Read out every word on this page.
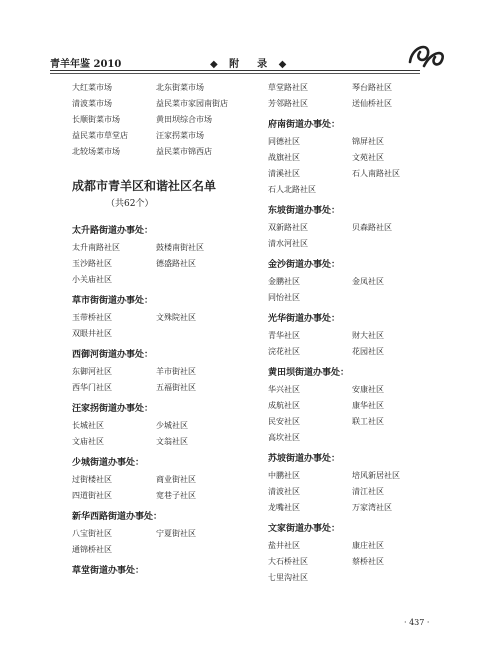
青羊年鉴 2010	◆ 附　录 ◆
大红菜市场	北东街菜市场
清波菜市场	益民菜市家园南街店
长顺街菜市场	黄田坝综合市场
益民菜市草堂店	汪家拐菜市场
北较场菜市场	益民菜市锦西店
成都市青羊区和谐社区名单
（共62个）
太升路街道办事处：
太升南路社区	鼓楼南街社区
玉沙路社区	德盛路社区
小关庙社区
草市街街道办事处：
玉带桥社区	文殊院社区
双眼井社区
西御河街道办事处：
东御河社区	羊市街社区
西华门社区	五福街社区
汪家拐街道办事处：
长城社区	少城社区
文庙社区	文翁社区
少城街道办事处：
过街楼社区	商业街社区
四道街社区	宽巷子社区
新华西路街道办事处：
八宝街社区	宁夏街社区
通锦桥社区
草堂街道办事处：
草堂路社区	琴台路社区
芳邻路社区	送仙桥社区
府南街道办事处：
同德社区	锦屏社区
战旗社区	文苑社区
清溪社区	石人南路社区
石人北路社区
东坡街道办事处：
双新路社区	贝森路社区
清水河社区
金沙街道办事处：
金鹏社区	金凤社区
同怡社区
光华街道办事处：
青华社区	财大社区
浣花社区	花园社区
黄田坝街道办事处：
华兴社区	安康社区
成航社区	康华社区
民安社区	联工社区
高坎社区
苏坡街道办事处：
中鹏社区	培风新居社区
清波社区	清江社区
龙嘴社区	万家湾社区
文家街道办事处：
盐井社区	康庄社区
大石桥社区	蔡桥社区
七里沟社区
· 437 ·
